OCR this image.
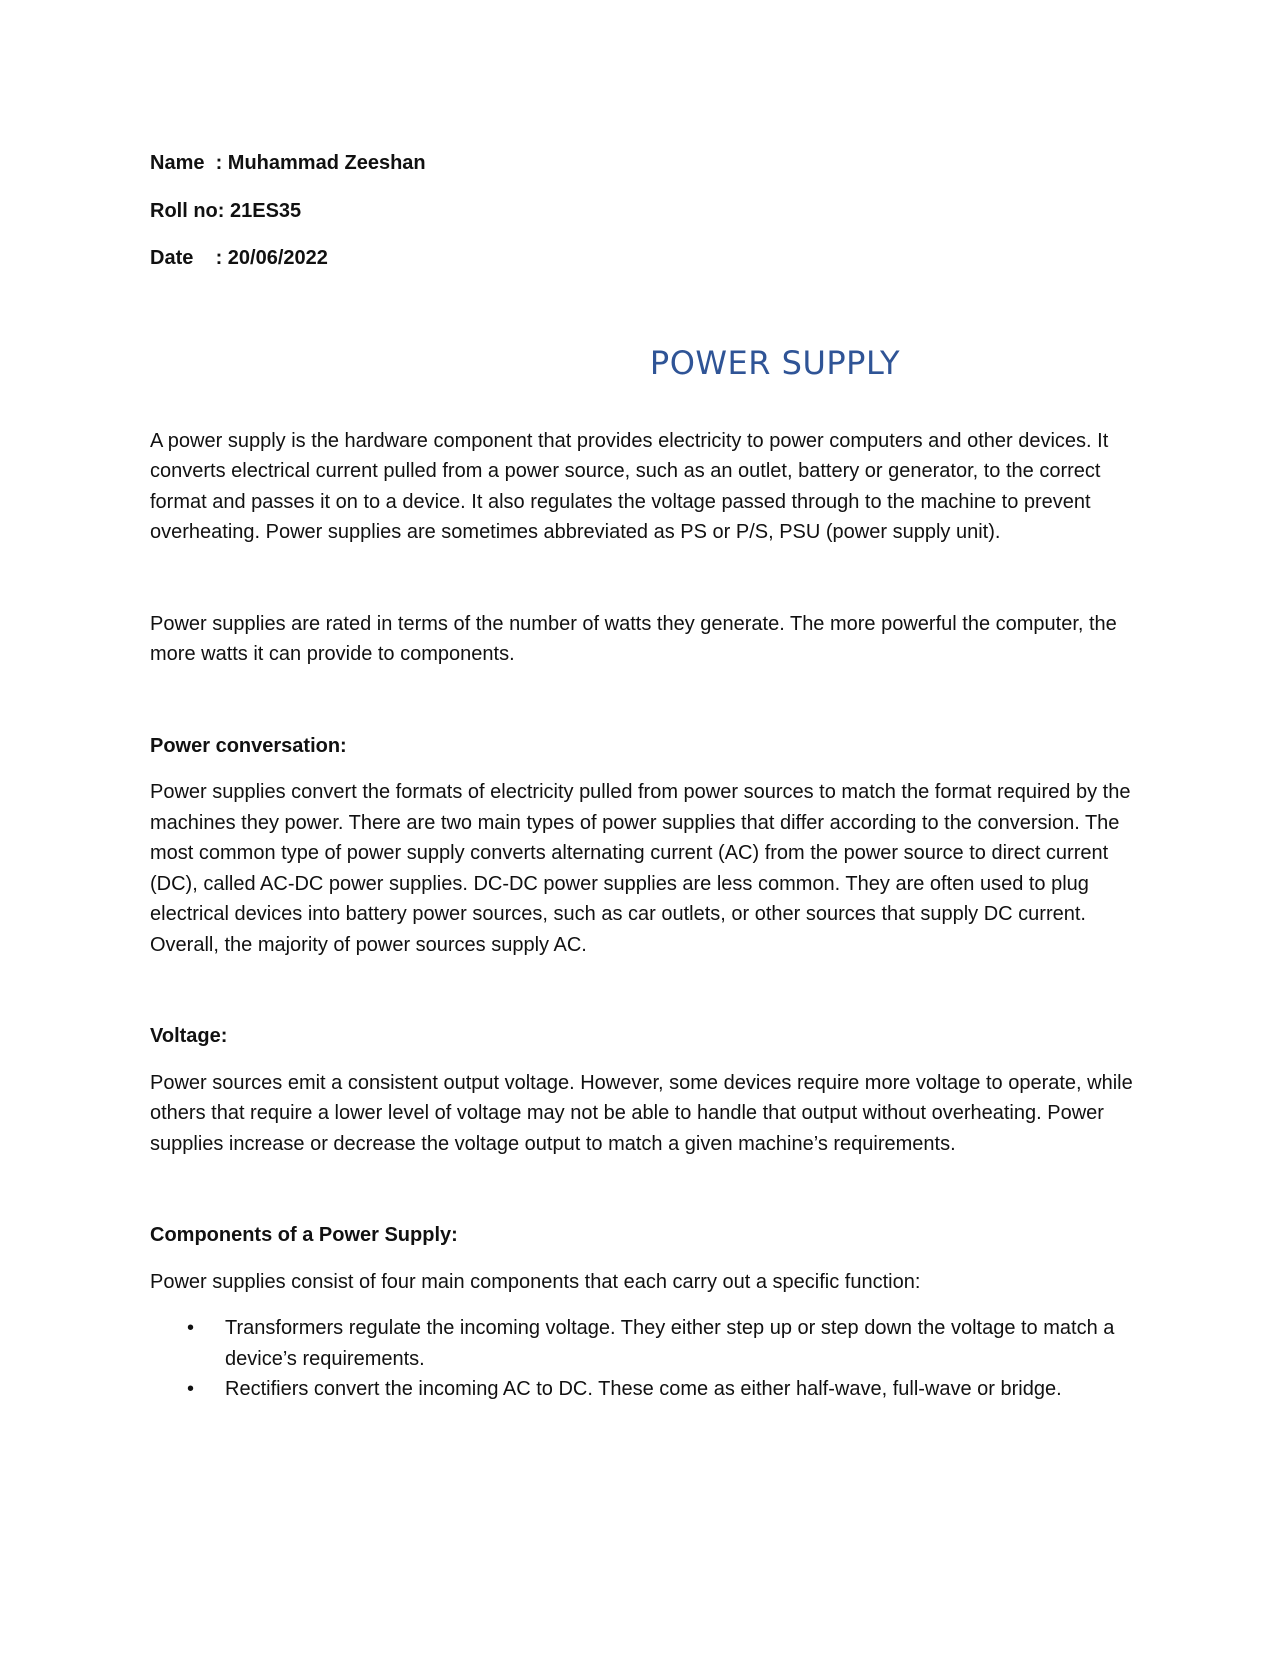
Name  : Muhammad Zeeshan
Roll no: 21ES35
Date    : 20/06/2022
POWER SUPPLY

A power supply is the hardware component that provides electricity to power computers and other devices. It converts electrical current pulled from a power source, such as an outlet, battery or generator, to the correct format and passes it on to a device. It also regulates the voltage passed through to the machine to prevent overheating. Power supplies are sometimes abbreviated as PS or P/S, PSU (power supply unit).

Power supplies are rated in terms of the number of watts they generate. The more powerful the computer, the more watts it can provide to components.

Power conversation:

Power supplies convert the formats of electricity pulled from power sources to match the format required by the machines they power. There are two main types of power supplies that differ according to the conversion. The most common type of power supply converts alternating current (AC) from the power source to direct current (DC), called AC-DC power supplies. DC-DC power supplies are less common. They are often used to plug electrical devices into battery power sources, such as car outlets, or other sources that supply DC current. Overall, the majority of power sources supply AC.

Voltage:

Power sources emit a consistent output voltage. However, some devices require more voltage to operate, while others that require a lower level of voltage may not be able to handle that output without overheating. Power supplies increase or decrease the voltage output to match a given machine’s requirements.

Components of a Power Supply:

Power supplies consist of four main components that each carry out a specific function:

• Transformers regulate the incoming voltage. They either step up or step down the voltage to match a device’s requirements.
• Rectifiers convert the incoming AC to DC. These come as either half-wave, full-wave or bridge.
